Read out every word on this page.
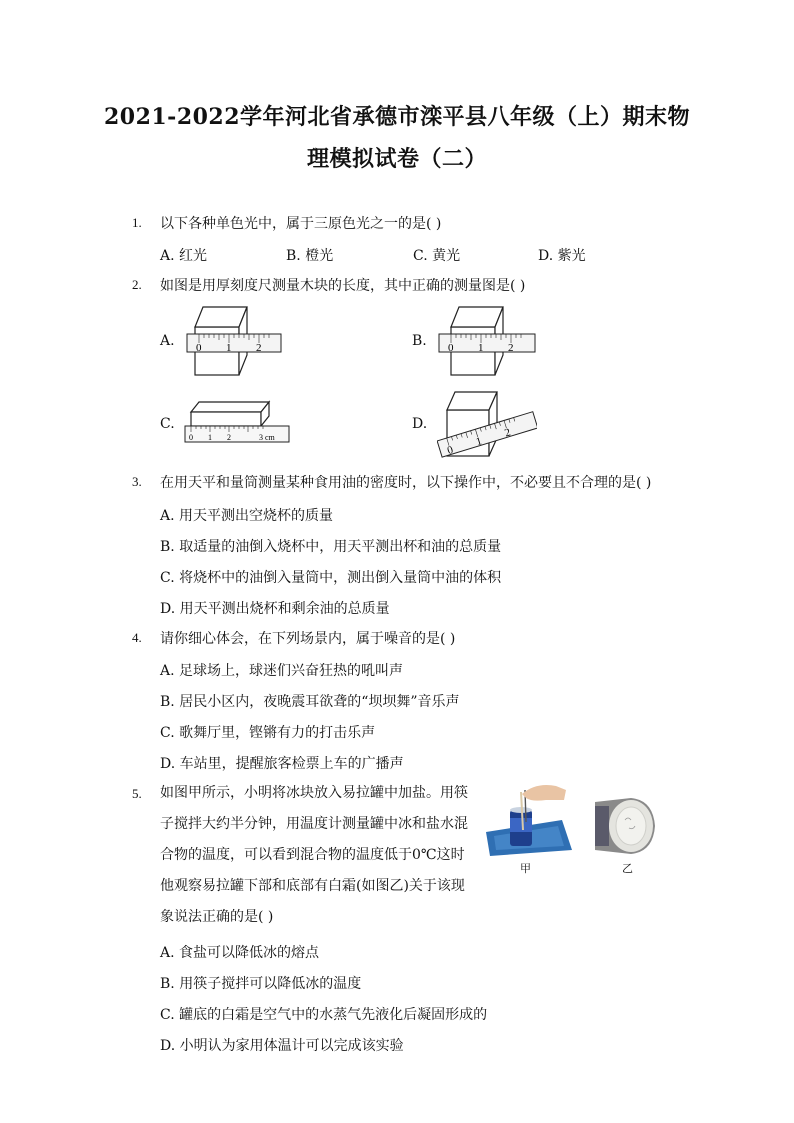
2021-2022学年河北省承德市滦平县八年级（上）期末物
理模拟试卷（二）
1. 以下各种单色光中，属于三原色光之一的是( )
A. 红光	B. 橙光	C. 黄光	D. 紫光
2. 如图是用厚刻度尺测量木块的长度，其中正确的测量图是( )
A.	B.
C.	D.
0 1 2	0 1 2
0 1 2	3 cm
0
1
2
3. 在用天平和量筒测量某种食用油的密度时，以下操作中，不必要且不合理的是( )
A. 用天平测出空烧杯的质量
B. 取适量的油倒入烧杯中，用天平测出杯和油的总质量
C. 将烧杯中的油倒入量筒中，测出倒入量筒中油的体积
D. 用天平测出烧杯和剩余油的总质量
4. 请你细心体会，在下列场景内，属于噪音的是( )
A. 足球场上，球迷们兴奋狂热的吼叫声
B. 居民小区内，夜晚震耳欲聋的“坝坝舞”音乐声
C. 歌舞厅里，铿锵有力的打击乐声
D. 车站里，提醒旅客检票上车的广播声
5. 如图甲所示，小明将冰块放入易拉罐中加盐。用筷
子搅拌大约半分钟，用温度计测量罐中冰和盐水混
合物的温度，可以看到混合物的温度低于0℃这时
他观察易拉罐下部和底部有白霜(如图乙)关于该现
象说法正确的是( )
甲	乙
A. 食盐可以降低冰的熔点
B. 用筷子搅拌可以降低冰的温度
C. 罐底的白霜是空气中的水蒸气先液化后凝固形成的
D. 小明认为家用体温计可以完成该实验
